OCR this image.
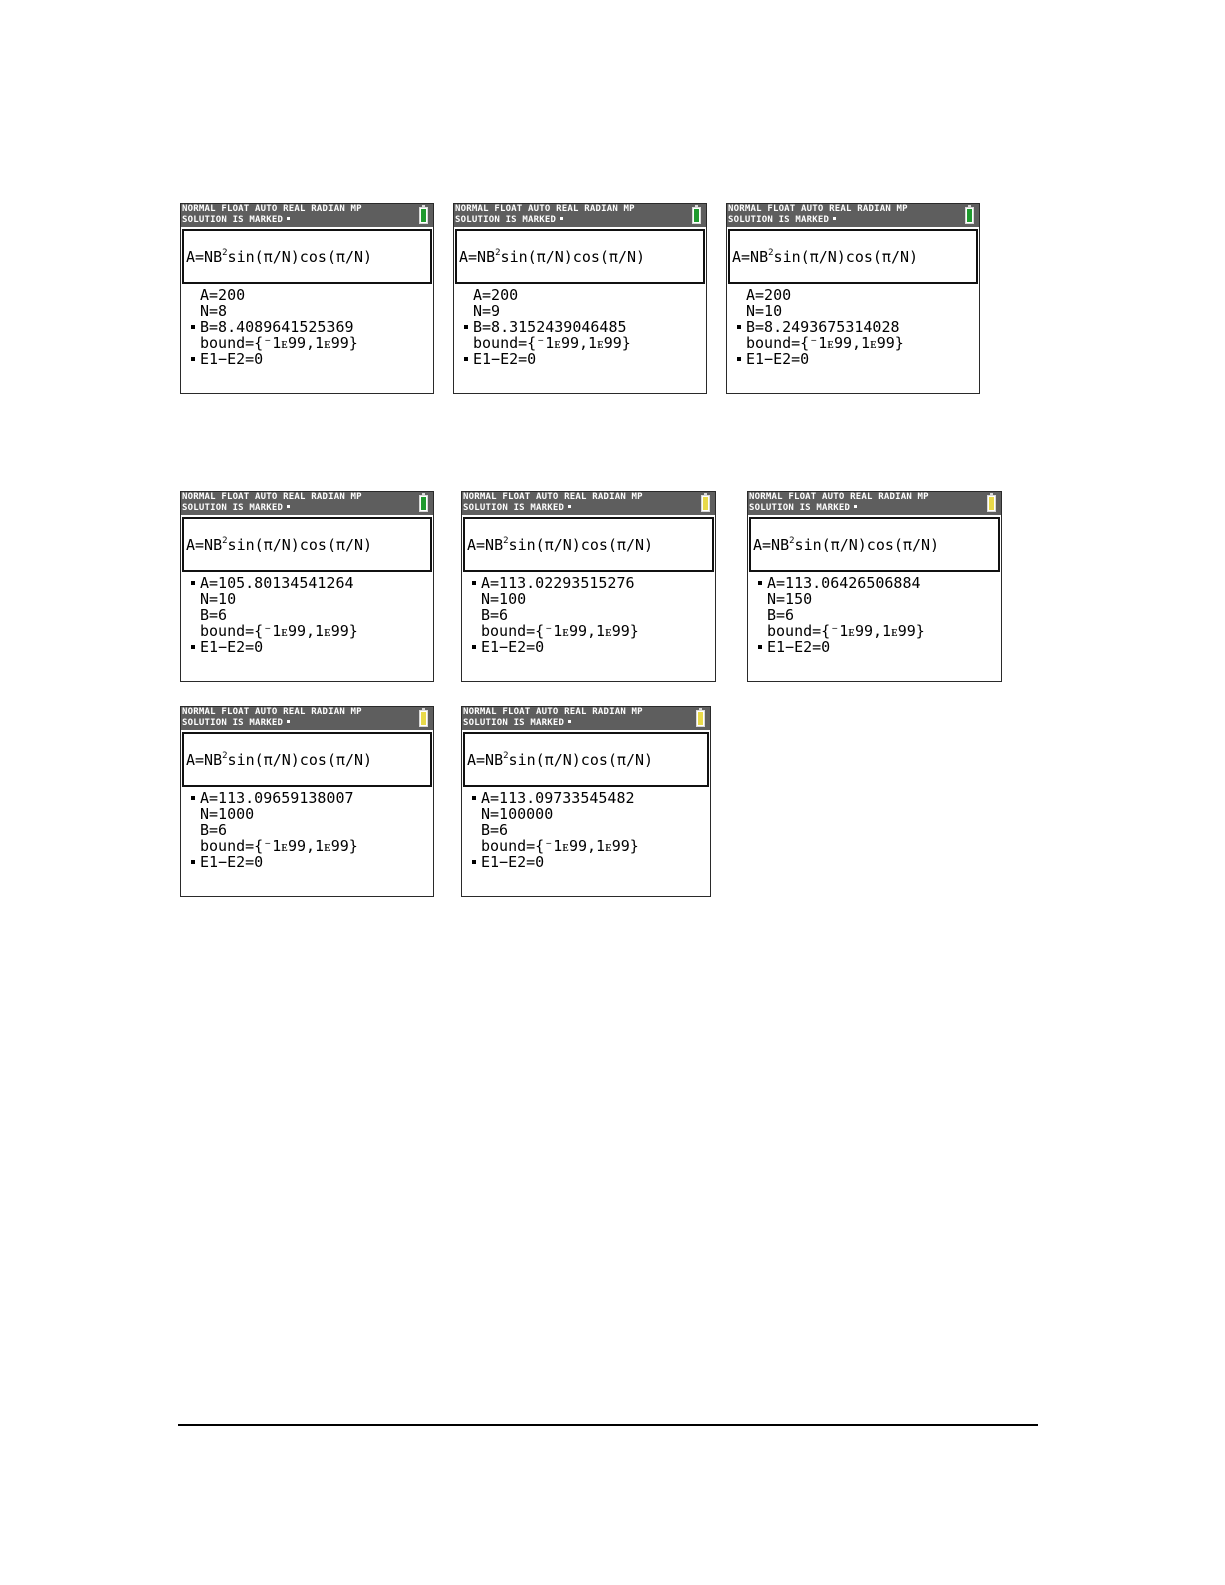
NORMAL FLOAT AUTO REAL RADIAN MP
SOLUTION IS MARKED
$A=NB^2\sin(\pi/N)\cos(\pi/N)$
A=200
N=8
B=8.4089641525369
bound={⁻1ᴇ99,1ᴇ99}
E1−E2=0
NORMAL FLOAT AUTO REAL RADIAN MP
SOLUTION IS MARKED
$A=NB^2\sin(\pi/N)\cos(\pi/N)$
A=200
N=9
B=8.3152439046485
bound={⁻1ᴇ99,1ᴇ99}
E1−E2=0
NORMAL FLOAT AUTO REAL RADIAN MP
SOLUTION IS MARKED
$A=NB^2\sin(\pi/N)\cos(\pi/N)$
A=200
N=10
B=8.2493675314028
bound={⁻1ᴇ99,1ᴇ99}
E1−E2=0
NORMAL FLOAT AUTO REAL RADIAN MP
SOLUTION IS MARKED
$A=NB^2\sin(\pi/N)\cos(\pi/N)$
A=105.80134541264
N=10
B=6
bound={⁻1ᴇ99,1ᴇ99}
E1−E2=0
NORMAL FLOAT AUTO REAL RADIAN MP
SOLUTION IS MARKED
$A=NB^2\sin(\pi/N)\cos(\pi/N)$
A=113.02293515276
N=100
B=6
bound={⁻1ᴇ99,1ᴇ99}
E1−E2=0
NORMAL FLOAT AUTO REAL RADIAN MP
SOLUTION IS MARKED
$A=NB^2\sin(\pi/N)\cos(\pi/N)$
A=113.06426506884
N=150
B=6
bound={⁻1ᴇ99,1ᴇ99}
E1−E2=0
NORMAL FLOAT AUTO REAL RADIAN MP
SOLUTION IS MARKED
$A=NB^2\sin(\pi/N)\cos(\pi/N)$
A=113.09659138007
N=1000
B=6
bound={⁻1ᴇ99,1ᴇ99}
E1−E2=0
NORMAL FLOAT AUTO REAL RADIAN MP
SOLUTION IS MARKED
$A=NB^2\sin(\pi/N)\cos(\pi/N)$
A=113.09733545482
N=100000
B=6
bound={⁻1ᴇ99,1ᴇ99}
E1−E2=0
